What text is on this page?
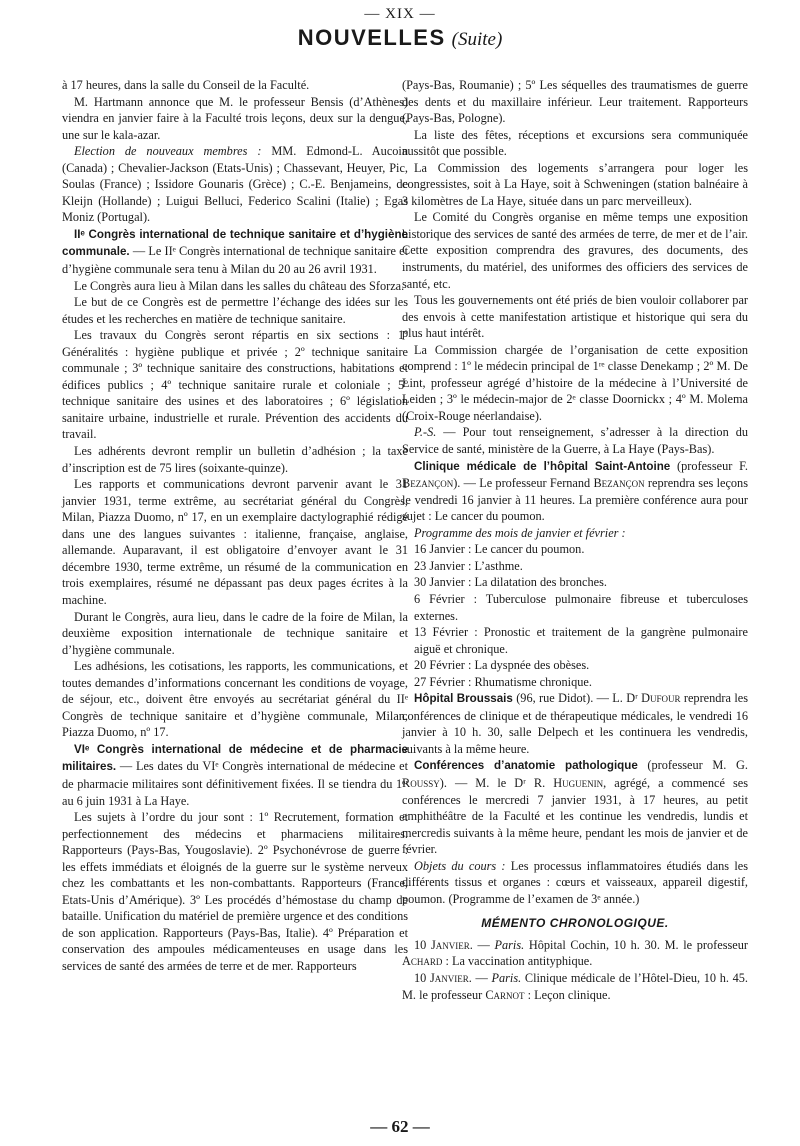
— XIX —
NOUVELLES (Suite)

à 17 heures, dans la salle du Conseil de la Faculté.

M. Hartmann annonce que M. le professeur Bensis (d’Athènes) viendra en janvier faire à la Faculté trois leçons, deux sur la dengue, une sur le kala-azar.

Election de nouveaux membres : MM. Edmond-L. Aucoin (Canada) ; Chevalier-Jackson (Etats-Unis) ; Chassevant, Heuyer, Pic, Soulas (France) ; Issidore Gounaris (Grèce) ; C.-E. Benjameins, de Kleijn (Hollande) ; Luigui Belluci, Federico Scalini (Italie) ; Egas Moniz (Portugal).

IIᵉ Congrès international de technique sanitaire et d’hygiène communale. — Le IIᵉ Congrès international de technique sanitaire et d’hygiène communale sera tenu à Milan du 20 au 26 avril 1931.

Le Congrès aura lieu à Milan dans les salles du château des Sforza.

Le but de ce Congrès est de permettre l’échange des idées sur les études et les recherches en matière de technique sanitaire.

Les travaux du Congrès seront répartis en six sections : 1º Généralités : hygiène publique et privée ; 2º technique sanitaire communale ; 3º technique sanitaire des constructions, habitations et édifices publics ; 4º technique sanitaire rurale et coloniale ; 5º technique sanitaire des usines et des laboratoires ; 6º législation sanitaire urbaine, industrielle et rurale. Prévention des accidents du travail.

Les adhérents devront remplir un bulletin d’adhésion ; la taxe d’inscription est de 75 lires (soixante-quinze).

Les rapports et communications devront parvenir avant le 31 janvier 1931, terme extrême, au secrétariat général du Congrès, Milan, Piazza Duomo, nº 17, en un exemplaire dactylographié rédigé dans une des langues suivantes : italienne, française, anglaise, allemande. Auparavant, il est obligatoire d’envoyer avant le 31 décembre 1930, terme extrême, un résumé de la communication en trois exemplaires, résumé ne dépassant pas deux pages écrites à la machine.

Durant le Congrès, aura lieu, dans le cadre de la foire de Milan, la deuxième exposition internationale de technique sanitaire et d’hygiène communale.

Les adhésions, les cotisations, les rapports, les communications, et toutes demandes d’informations concernant les conditions de voyage, de séjour, etc., doivent être envoyés au secrétariat général du IIᵉ Congrès de technique sanitaire et d’hygiène communale, Milan, Piazza Duomo, nº 17.

VIᵉ Congrès international de médecine et de pharmacie militaires. — Les dates du VIᵉ Congrès international de médecine et de pharmacie militaires sont définitivement fixées. Il se tiendra du 1ᵉʳ au 6 juin 1931 à La Haye.

Les sujets à l’ordre du jour sont : 1º Recrutement, formation et perfectionnement des médecins et pharmaciens militaires. Rapporteurs (Pays-Bas, Yougoslavie). 2º Psychonévrose de guerre : les effets immédiats et éloignés de la guerre sur le système nerveux chez les combattants et les non-combattants. Rapporteurs (France, Etats-Unis d’Amérique). 3º Les procédés d’hémostase du champ de bataille. Unification du matériel de première urgence et des conditions de son application. Rapporteurs (Pays-Bas, Italie). 4º Préparation et conservation des ampoules médicamenteuses en usage dans les services de santé des armées de terre et de mer. Rapporteurs

(Pays-Bas, Roumanie) ; 5º Les séquelles des traumatismes de guerre des dents et du maxillaire inférieur. Leur traitement. Rapporteurs (Pays-Bas, Pologne).

La liste des fêtes, réceptions et excursions sera communiquée aussitôt que possible.

La Commission des logements s’arrangera pour loger les congressistes, soit à La Haye, soit à Schweningen (station balnéaire à 3 kilomètres de La Haye, située dans un parc merveilleux).

Le Comité du Congrès organise en même temps une exposition historique des services de santé des armées de terre, de mer et de l’air. Cette exposition comprendra des gravures, des documents, des instruments, du matériel, des uniformes des officiers des services de santé, etc.

Tous les gouvernements ont été priés de bien vouloir collaborer par des envois à cette manifestation artistique et historique qui sera du plus haut intérêt.

La Commission chargée de l’organisation de cette exposition comprend : 1º le médecin principal de 1ʳᵉ classe Denekamp ; 2º M. De Lint, professeur agrégé d’histoire de la médecine à l’Université de Leiden ; 3º le médecin-major de 2ᵉ classe Doornickx ; 4º M. Molema (Croix-Rouge néerlandaise).

P.-S. — Pour tout renseignement, s’adresser à la direction du Service de santé, ministère de la Guerre, à La Haye (Pays-Bas).

Clinique médicale de l’hôpital Saint-Antoine (professeur F. Bezançon). — Le professeur Fernand Bezançon reprendra ses leçons le vendredi 16 janvier à 11 heures. La première conférence aura pour sujet : Le cancer du poumon.

Programme des mois de janvier et février :

16 Janvier : Le cancer du poumon.

23 Janvier : L’asthme.

30 Janvier : La dilatation des bronches.

6 Février : Tuberculose pulmonaire fibreuse et tuberculoses externes.

13 Février : Pronostic et traitement de la gangrène pulmonaire aiguë et chronique.

20 Février : La dyspnée des obèses.

27 Février : Rhumatisme chronique.

Hôpital Broussais (96, rue Didot). — L. Dʳ Dufour reprendra les conférences de clinique et de thérapeutique médicales, le vendredi 16 janvier à 10 h. 30, salle Delpech et les continuera les vendredis, suivants à la même heure.

Conférences d’anatomie pathologique (professeur M. G. Roussy). — M. le Dʳ R. Huguenin, agrégé, a commencé ses conférences le mercredi 7 janvier 1931, à 17 heures, au petit amphithéâtre de la Faculté et les continue les vendredis, lundis et mercredis suivants à la même heure, pendant les mois de janvier et de février.

Objets du cours : Les processus inflammatoires étudiés dans les différents tissus et organes : cœurs et vaisseaux, appareil digestif, poumon. (Programme de l’examen de 3ᵉ année.)

MÉMENTO CHRONOLOGIQUE.

10 Janvier. — Paris. Hôpital Cochin, 10 h. 30. M. le professeur Achard : La vaccination antityphique.

10 Janvier. — Paris. Clinique médicale de l’Hôtel-Dieu, 10 h. 45. M. le professeur Carnot : Leçon clinique.

— 62 —
